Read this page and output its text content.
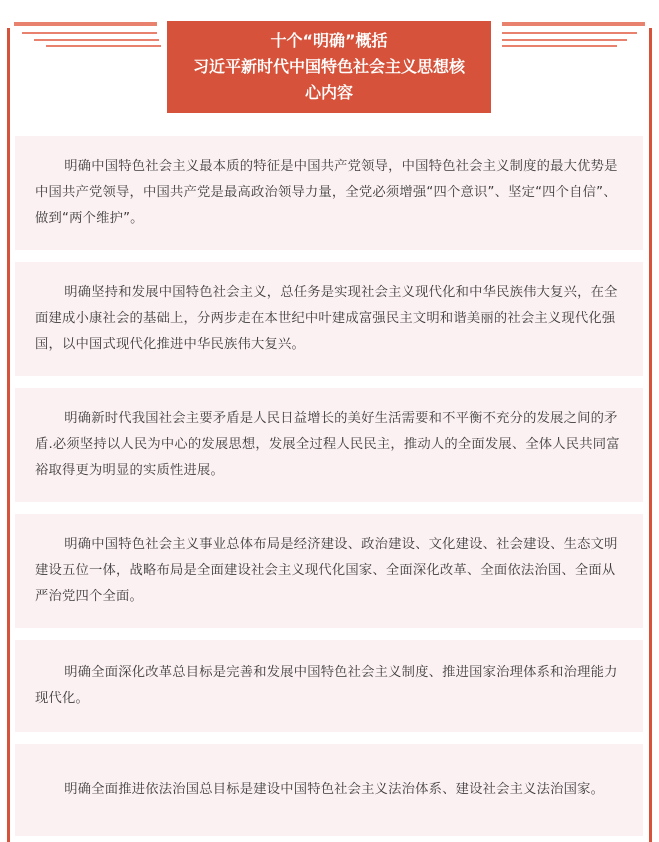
十个“明确”概括
习近平新时代中国特色社会主义思想核
心内容

明确中国特色社会主义最本质的特征是中国共产党领导，中国特色社会主义制度的最大优势是中国共产党领导，中国共产党是最高政治领导力量，全党必须增强“四个意识”、坚定“四个自信”、做到“两个维护”。

明确坚持和发展中国特色社会主义，总任务是实现社会主义现代化和中华民族伟大复兴，在全面建成小康社会的基础上，分两步走在本世纪中叶建成富强民主文明和谐美丽的社会主义现代化强国，以中国式现代化推进中华民族伟大复兴。

明确新时代我国社会主要矛盾是人民日益增长的美好生活需要和不平衡不充分的发展之间的矛盾.必须坚持以人民为中心的发展思想，发展全过程人民民主，推动人的全面发展、全体人民共同富裕取得更为明显的实质性进展。

明确中国特色社会主义事业总体布局是经济建设、政治建设、文化建设、社会建设、生态文明建设五位一体，战略布局是全面建设社会主义现代化国家、全面深化改革、全面依法治国、全面从严治党四个全面。

明确全面深化改革总目标是完善和发展中国特色社会主义制度、推进国家治理体系和治理能力现代化。

明确全面推进依法治国总目标是建设中国特色社会主义法治体系、建设社会主义法治国家。
